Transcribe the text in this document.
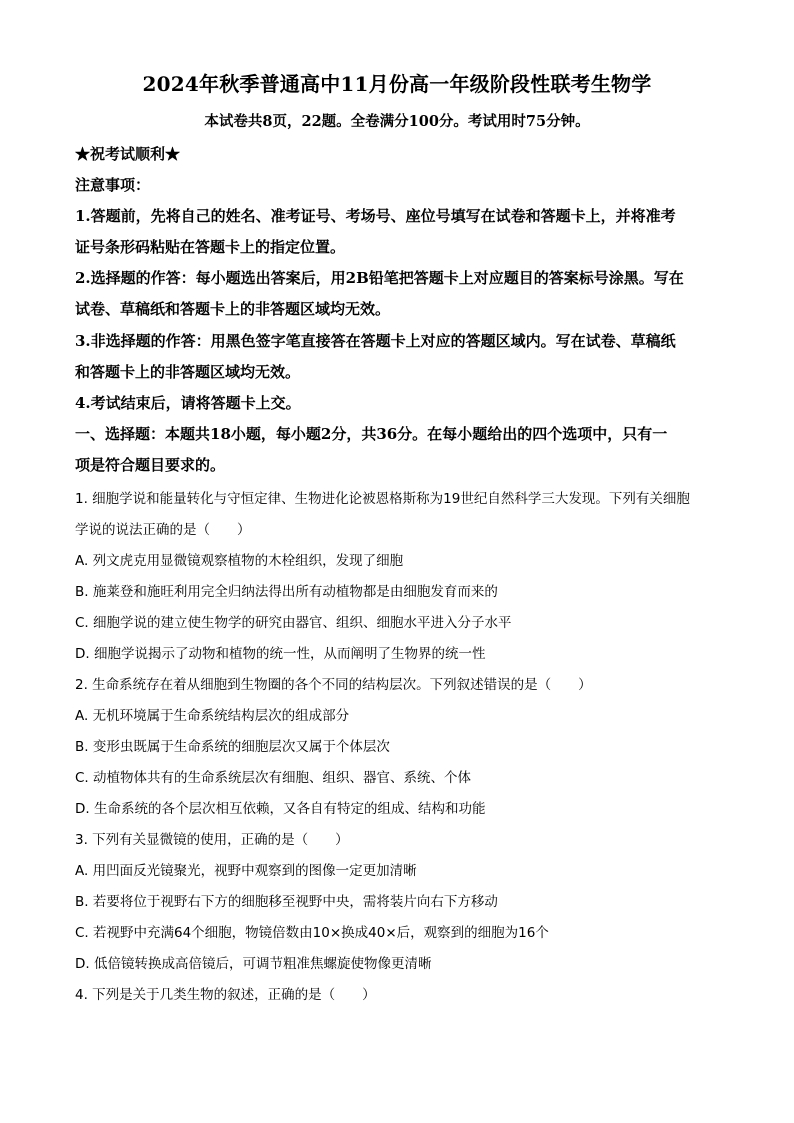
2024年秋季普通高中11月份高一年级阶段性联考生物学
本试卷共8页，22题。全卷满分100分。考试用时75分钟。
★祝考试顺利★
注意事项：
1.答题前，先将自己的姓名、准考证号、考场号、座位号填写在试卷和答题卡上，并将准考
证号条形码粘贴在答题卡上的指定位置。
2.选择题的作答：每小题选出答案后，用2B铅笔把答题卡上对应题目的答案标号涂黑。写在
试卷、草稿纸和答题卡上的非答题区域均无效。
3.非选择题的作答：用黑色签字笔直接答在答题卡上对应的答题区域内。写在试卷、草稿纸
和答题卡上的非答题区域均无效。
4.考试结束后，请将答题卡上交。
一、选择题：本题共18小题，每小题2分，共36分。在每小题给出的四个选项中，只有一
项是符合题目要求的。
1. 细胞学说和能量转化与守恒定律、生物进化论被恩格斯称为19世纪自然科学三大发现。下列有关细胞
学说的说法正确的是（　　）
A. 列文虎克用显微镜观察植物的木栓组织，发现了细胞
B. 施莱登和施旺利用完全归纳法得出所有动植物都是由细胞发育而来的
C. 细胞学说的建立使生物学的研究由器官、组织、细胞水平进入分子水平
D. 细胞学说揭示了动物和植物的统一性，从而阐明了生物界的统一性
2. 生命系统存在着从细胞到生物圈的各个不同的结构层次。下列叙述错误的是（　　）
A. 无机环境属于生命系统结构层次的组成部分
B. 变形虫既属于生命系统的细胞层次又属于个体层次
C. 动植物体共有的生命系统层次有细胞、组织、器官、系统、个体
D. 生命系统的各个层次相互依赖，又各自有特定的组成、结构和功能
3. 下列有关显微镜的使用，正确的是（　　）
A. 用凹面反光镜聚光，视野中观察到的图像一定更加清晰
B. 若要将位于视野右下方的细胞移至视野中央，需将装片向右下方移动
C. 若视野中充满64个细胞，物镜倍数由10×换成40×后，观察到的细胞为16个
D. 低倍镜转换成高倍镜后，可调节粗准焦螺旋使物像更清晰
4. 下列是关于几类生物的叙述，正确的是（　　）
